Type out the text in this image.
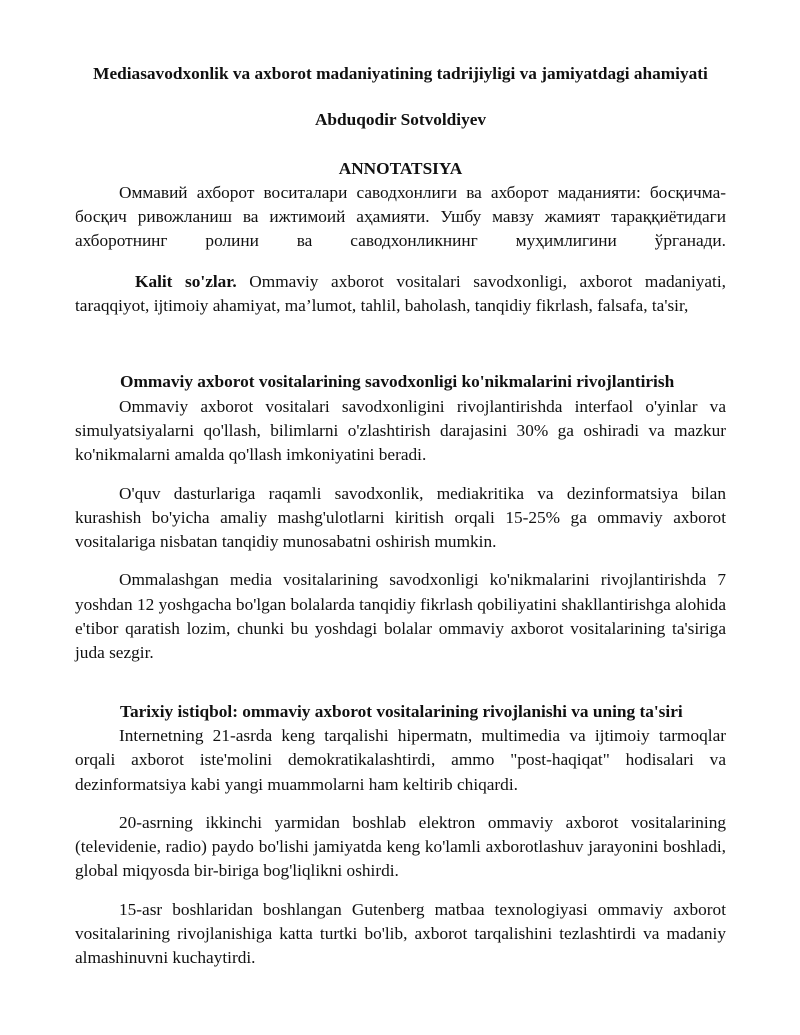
Mediasavodxonlik va axborot madaniyatining tadrijiyligi va jamiyatdagi ahamiyati

Abduqodir Sotvoldiyev

ANNOTATSIYA

Оммавий ахборот воситалари саводхонлиги ва ахборот маданияти: босқичма-босқич ривожланиш ва ижтимоий аҳамияти. Ушбу мавзу жамият тараққиётидаги ахборотнинг ролини ва саводхонликнинг муҳимлигини ўрганади.

Kalit so'zlar. Ommaviy axborot vositalari savodxonligi, axborot madaniyati, taraqqiyot, ijtimoiy ahamiyat, ma’lumot, tahlil, baholash, tanqidiy fikrlash, falsafa, ta'sir,

Ommaviy axborot vositalarining savodxonligi ko'nikmalarini rivojlantirish

Ommaviy axborot vositalari savodxonligini rivojlantirishda interfaol o'yinlar va simulyatsiyalarni qo'llash, bilimlarni o'zlashtirish darajasini 30% ga oshiradi va mazkur ko'nikmalarni amalda qo'llash imkoniyatini beradi.

O'quv dasturlariga raqamli savodxonlik, mediakritika va dezinformatsiya bilan kurashish bo'yicha amaliy mashg'ulotlarni kiritish orqali 15-25% ga ommaviy axborot vositalariga nisbatan tanqidiy munosabatni oshirish mumkin.

Ommalashgan media vositalarining savodxonligi ko'nikmalarini rivojlantirishda 7 yoshdan 12 yoshgacha bo'lgan bolalarda tanqidiy fikrlash qobiliyatini shakllantirishga alohida e'tibor qaratish lozim, chunki bu yoshdagi bolalar ommaviy axborot vositalarining ta'siriga juda sezgir.

Tarixiy istiqbol: ommaviy axborot vositalarining rivojlanishi va uning ta'siri

Internetning 21-asrda keng tarqalishi hipermatn, multimedia va ijtimoiy tarmoqlar orqali axborot iste'molini demokratikalashtirdi, ammo "post-haqiqat" hodisalari va dezinformatsiya kabi yangi muammolarni ham keltirib chiqardi.

20-asrning ikkinchi yarmidan boshlab elektron ommaviy axborot vositalarining (televidenie, radio) paydo bo'lishi jamiyatda keng ko'lamli axborotlashuv jarayonini boshladi, global miqyosda bir-biriga bog'liqlikni oshirdi.

15-asr boshlaridan boshlangan Gutenberg matbaa texnologiyasi ommaviy axborot vositalarining rivojlanishiga katta turtki bo'lib, axborot tarqalishini tezlashtirdi va madaniy almashinuvni kuchaytirdi.
